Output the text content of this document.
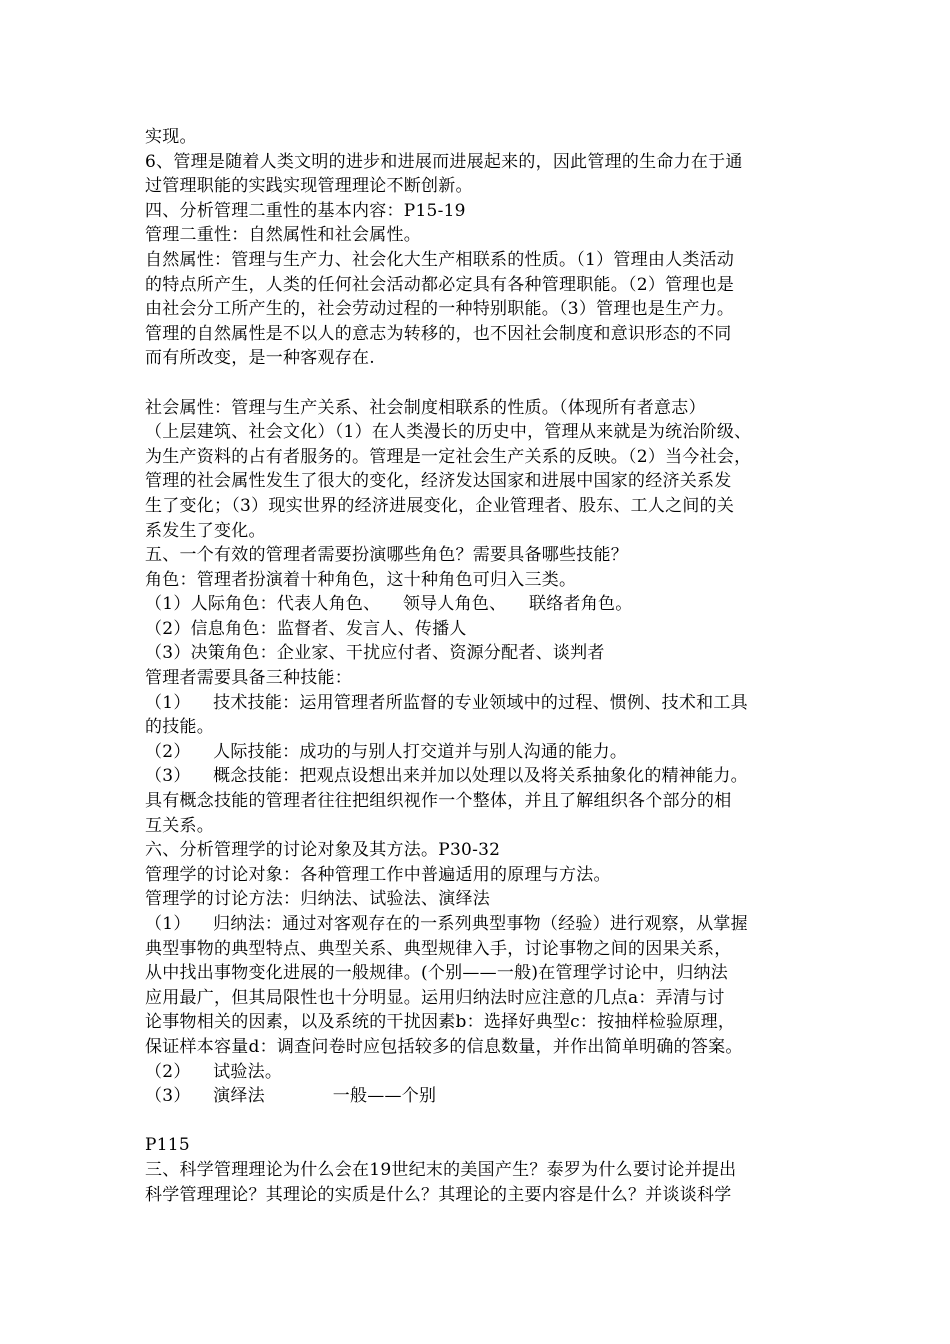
实现。
6、管理是随着人类文明的进步和进展而进展起来的，因此管理的生命力在于通
过管理职能的实践实现管理理论不断创新。
四、分析管理二重性的基本内容：P15-19
管理二重性：自然属性和社会属性。
自然属性：管理与生产力、社会化大生产相联系的性质。（1）管理由人类活动
的特点所产生，人类的任何社会活动都必定具有各种管理职能。（2）管理也是
由社会分工所产生的，社会劳动过程的一种特别职能。（3）管理也是生产力。
管理的自然属性是不以人的意志为转移的，也不因社会制度和意识形态的不同
而有所改变，是一种客观存在.
社会属性：管理与生产关系、社会制度相联系的性质。（体现所有者意志）
（上层建筑、社会文化）（1）在人类漫长的历史中，管理从来就是为统治阶级、
为生产资料的占有者服务的。管理是一定社会生产关系的反映。（2）当今社会，
管理的社会属性发生了很大的变化，经济发达国家和进展中国家的经济关系发
生了变化；（3）现实世界的经济进展变化，企业管理者、股东、工人之间的关
系发生了变化。
五、一个有效的管理者需要扮演哪些角色？需要具备哪些技能？
角色：管理者扮演着十种角色，这十种角色可归入三类。
（1）人际角色：代表人角色、    领导人角色、    联络者角色。
（2）信息角色：监督者、发言人、传播人
（3）决策角色：企业家、干扰应付者、资源分配者、谈判者
管理者需要具备三种技能：
（1）    技术技能：运用管理者所监督的专业领域中的过程、惯例、技术和工具
的技能。
（2）    人际技能：成功的与别人打交道并与别人沟通的能力。
（3）    概念技能：把观点设想出来并加以处理以及将关系抽象化的精神能力。
具有概念技能的管理者往往把组织视作一个整体，并且了解组织各个部分的相
互关系。
六、分析管理学的讨论对象及其方法。P30-32
管理学的讨论对象：各种管理工作中普遍适用的原理与方法。
管理学的讨论方法：归纳法、试验法、演绎法
（1）    归纳法：通过对客观存在的一系列典型事物（经验）进行观察，从掌握
典型事物的典型特点、典型关系、典型规律入手，讨论事物之间的因果关系，
从中找出事物变化进展的一般规律。(个别——一般)在管理学讨论中，归纳法
应用最广，但其局限性也十分明显。运用归纳法时应注意的几点a：弄清与讨
论事物相关的因素，以及系统的干扰因素b：选择好典型c：按抽样检验原理，
保证样本容量d：调查问卷时应包括较多的信息数量，并作出简单明确的答案。
（2）    试验法。
（3）    演绎法            一般——个别
P115
三、科学管理理论为什么会在19世纪末的美国产生？泰罗为什么要讨论并提出
科学管理理论？其理论的实质是什么？其理论的主要内容是什么？并谈谈科学
